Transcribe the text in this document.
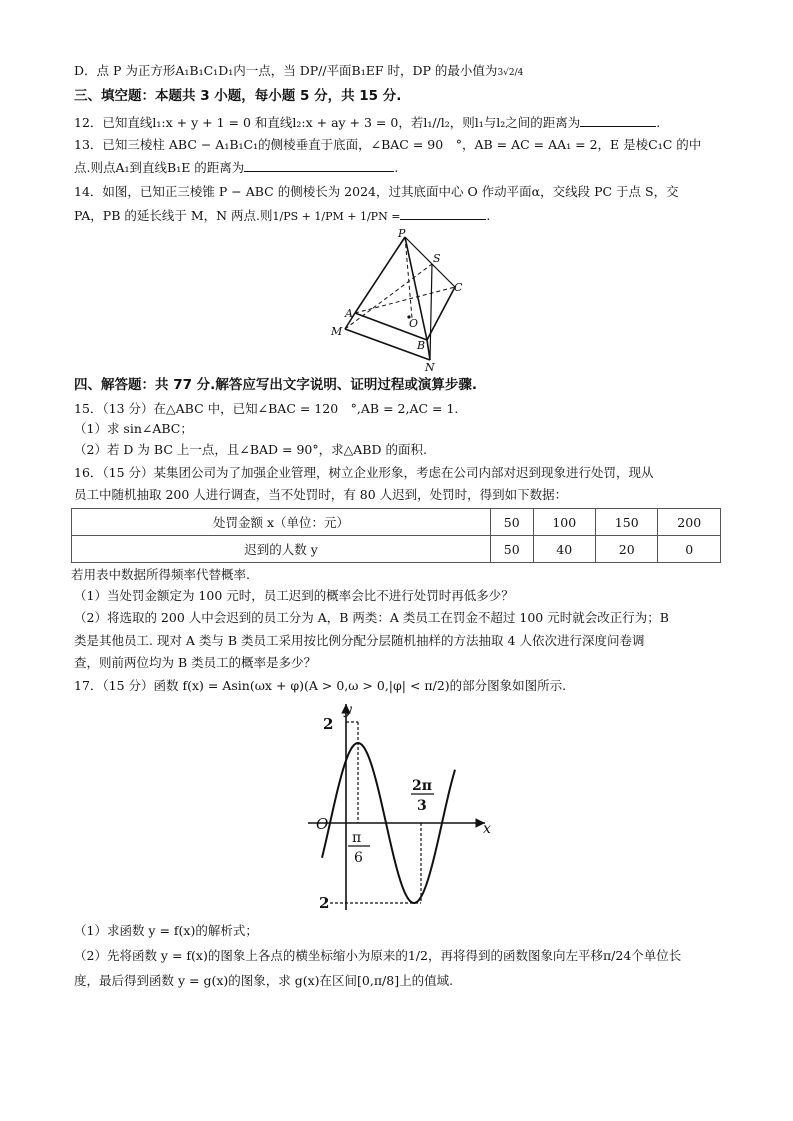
D．点 P 为正方形A₁B₁C₁D₁内一点，当 DP//平面B₁EF 时，DP 的最小值为3√2/4
三、填空题：本题共 3 小题，每小题 5 分，共 15 分.
12．已知直线l₁:x + y + 1 = 0 和直线l₂:x + ay + 3 = 0，若l₁//l₂，则l₁与l₂之间的距离为	.
13．已知三棱柱 ABC − A₁B₁C₁的侧棱垂直于底面，∠BAC = 90　°，AB = AC = AA₁ = 2，E 是棱C₁C 的中
点.则点A₁到直线B₁E 的距离为	.
14．如图，已知正三棱锥 P − ABC 的侧棱长为 2024，过其底面中心 O 作动平面α，交线段 PC 于点 S，交
PA，PB 的延长线于 M，N 两点.则1/PS + 1/PM + 1/PN =	.
P
S
C
A
O
M
B
N
四、解答题：共 77 分.解答应写出文字说明、证明过程或演算步骤.
15．（13 分）在△ABC 中，已知∠BAC = 120　°,AB = 2,AC = 1.
（1）求 sin∠ABC；
（2）若 D 为 BC 上一点，且∠BAD = 90°，求△ABD 的面积.
16．（15 分）某集团公司为了加强企业管理，树立企业形象，考虑在公司内部对迟到现象进行处罚，现从
员工中随机抽取 200 人进行调查，当不处罚时，有 80 人迟到，处罚时，得到如下数据：
处罚金额 x（单位：元）	50	100	150	200
迟到的人数 y	50	40	20	0
若用表中数据所得频率代替概率.
（1）当处罚金额定为 100 元时，员工迟到的概率会比不进行处罚时再低多少？
（2）将选取的 200 人中会迟到的员工分为 A，B 两类：A 类员工在罚金不超过 100 元时就会改正行为；B
类是其他员工. 现对 A 类与 B 类员工采用按比例分配分层随机抽样的方法抽取 4 人依次进行深度问卷调
查，则前两位均为 B 类员工的概率是多少？
17．（15 分）函数 f(x) = Asin(ωx + φ)(A > 0,ω > 0,|φ| < π/2)的部分图象如图所示.
y
x
O
2
2
π
6
2π
3
（1）求函数 y = f(x)的解析式；
（2）先将函数 y = f(x)的图象上各点的横坐标缩小为原来的1/2，再将得到的函数图象向左平移π/24个单位长
度，最后得到函数 y = g(x)的图象，求 g(x)在区间[0,π/8]上的值域.
